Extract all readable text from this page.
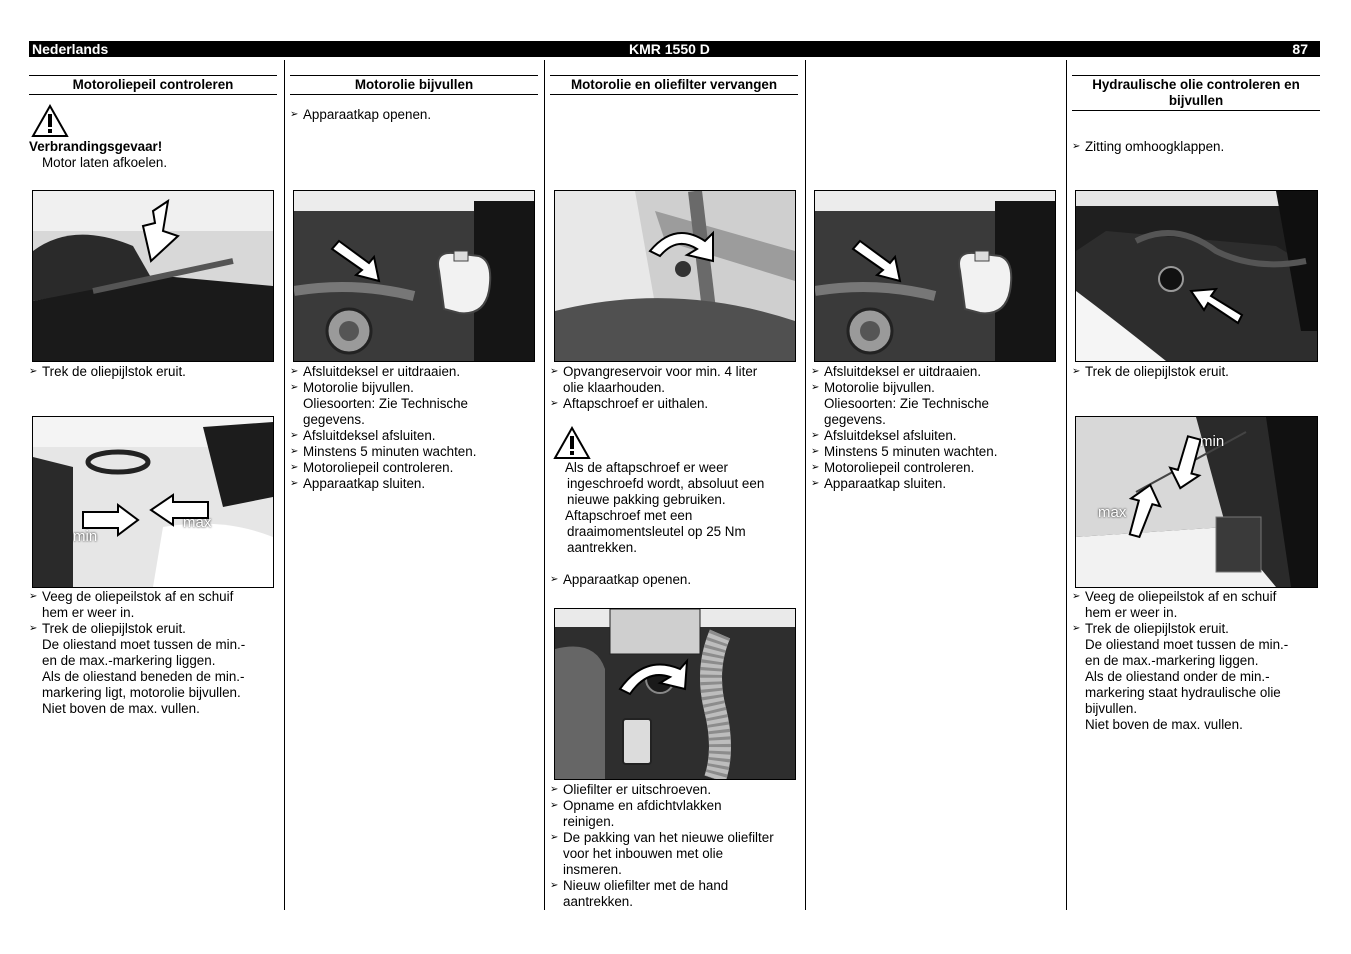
Nederlands	KMR 1550 D	87
Motoroliepeil controleren
Verbrandingsgevaar!
Motor laten afkoelen.
➢ Trek de oliepijlstok eruit.
min
max
➢ Veeg de oliepeilstok af en schuif
hem er weer in.
➢ Trek de oliepijlstok eruit.
De oliestand moet tussen de min.-
en de max.-markering liggen.
Als de oliestand beneden de min.-
markering ligt, motorolie bijvullen.
Niet boven de max. vullen.
Motorolie bijvullen
➢ Apparaatkap openen.
➢ Afsluitdeksel er uitdraaien.
➢ Motorolie bijvullen.
Oliesoorten: Zie Technische
gegevens.
➢ Afsluitdeksel afsluiten.
➢ Minstens 5 minuten wachten.
➢ Motoroliepeil controleren.
➢ Apparaatkap sluiten.
Motorolie en oliefilter vervangen
➢ Opvangreservoir voor min. 4 liter
olie klaarhouden.
➢ Aftapschroef er uithalen.
Als de aftapschroef er weer
ingeschroefd wordt, absoluut een
nieuwe pakking gebruiken.
Aftapschroef met een
draaimomentsleutel op 25 Nm
aantrekken.
➢ Apparaatkap openen.
➢ Oliefilter er uitschroeven.
➢ Opname en afdichtvlakken
reinigen.
➢ De pakking van het nieuwe oliefilter
voor het inbouwen met olie
insmeren.
➢ Nieuw oliefilter met de hand
aantrekken.
➢ Afsluitdeksel er uitdraaien.
➢ Motorolie bijvullen.
Oliesoorten: Zie Technische
gegevens.
➢ Afsluitdeksel afsluiten.
➢ Minstens 5 minuten wachten.
➢ Motoroliepeil controleren.
➢ Apparaatkap sluiten.
Hydraulische olie controleren en bijvullen
➢ Zitting omhoogklappen.
➢ Trek de oliepijlstok eruit.
min
max
➢ Veeg de oliepeilstok af en schuif
hem er weer in.
➢ Trek de oliepijlstok eruit.
De oliestand moet tussen de min.-
en de max.-markering liggen.
Als de oliestand onder de min.-
markering staat hydraulische olie
bijvullen.
Niet boven de max. vullen.
